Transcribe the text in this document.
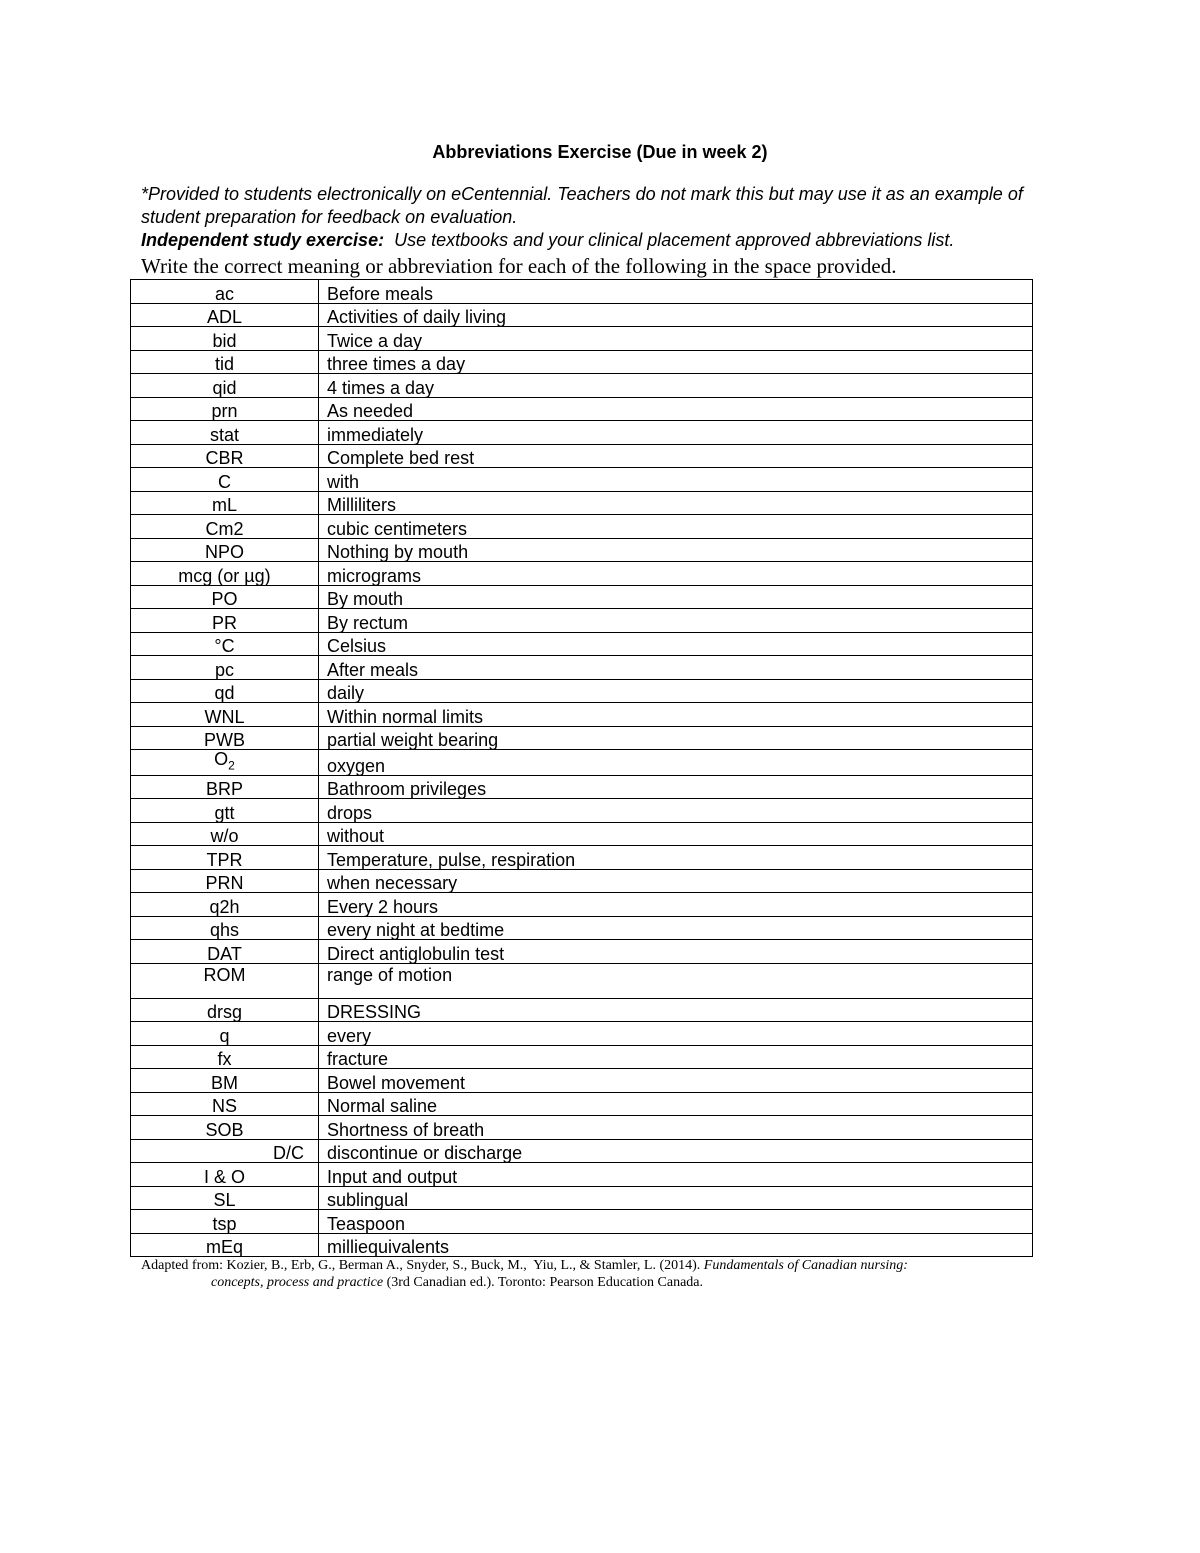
Abbreviations Exercise (Due in week 2)
*Provided to students electronically on eCentennial. Teachers do not mark this but may use it as an example of student preparation for feedback on evaluation.
Independent study exercise:  Use textbooks and your clinical placement approved abbreviations list.
Write the correct meaning or abbreviation for each of the following in the space provided.
ac	Before meals
ADL	Activities of daily living
bid	Twice a day
tid	three times a day
qid	4 times a day
prn	As needed
stat	immediately
CBR	Complete bed rest
C	with
mL	Milliliters
Cm2	cubic centimeters
NPO	Nothing by mouth
mcg (or µg)	micrograms
PO	By mouth
PR	By rectum
°C	Celsius
pc	After meals
qd	daily
WNL	Within normal limits
PWB	partial weight bearing
$O_2$	oxygen
BRP	Bathroom privileges
gtt	drops
w/o	without
TPR	Temperature, pulse, respiration
PRN	when necessary
q2h	Every 2 hours
qhs	every night at bedtime
DAT	Direct antiglobulin test
ROM	range of motion
drsg	DRESSING
q	every
fx	fracture
BM	Bowel movement
NS	Normal saline
SOB	Shortness of breath
D/C	discontinue or discharge
I & O	Input and output
SL	sublingual
tsp	Teaspoon
mEq	milliequivalents
Adapted from: Kozier, B., Erb, G., Berman A., Snyder, S., Buck, M.,  Yiu, L., & Stamler, L. (2014). Fundamentals of Canadian nursing:
concepts, process and practice (3rd Canadian ed.). Toronto: Pearson Education Canada.
